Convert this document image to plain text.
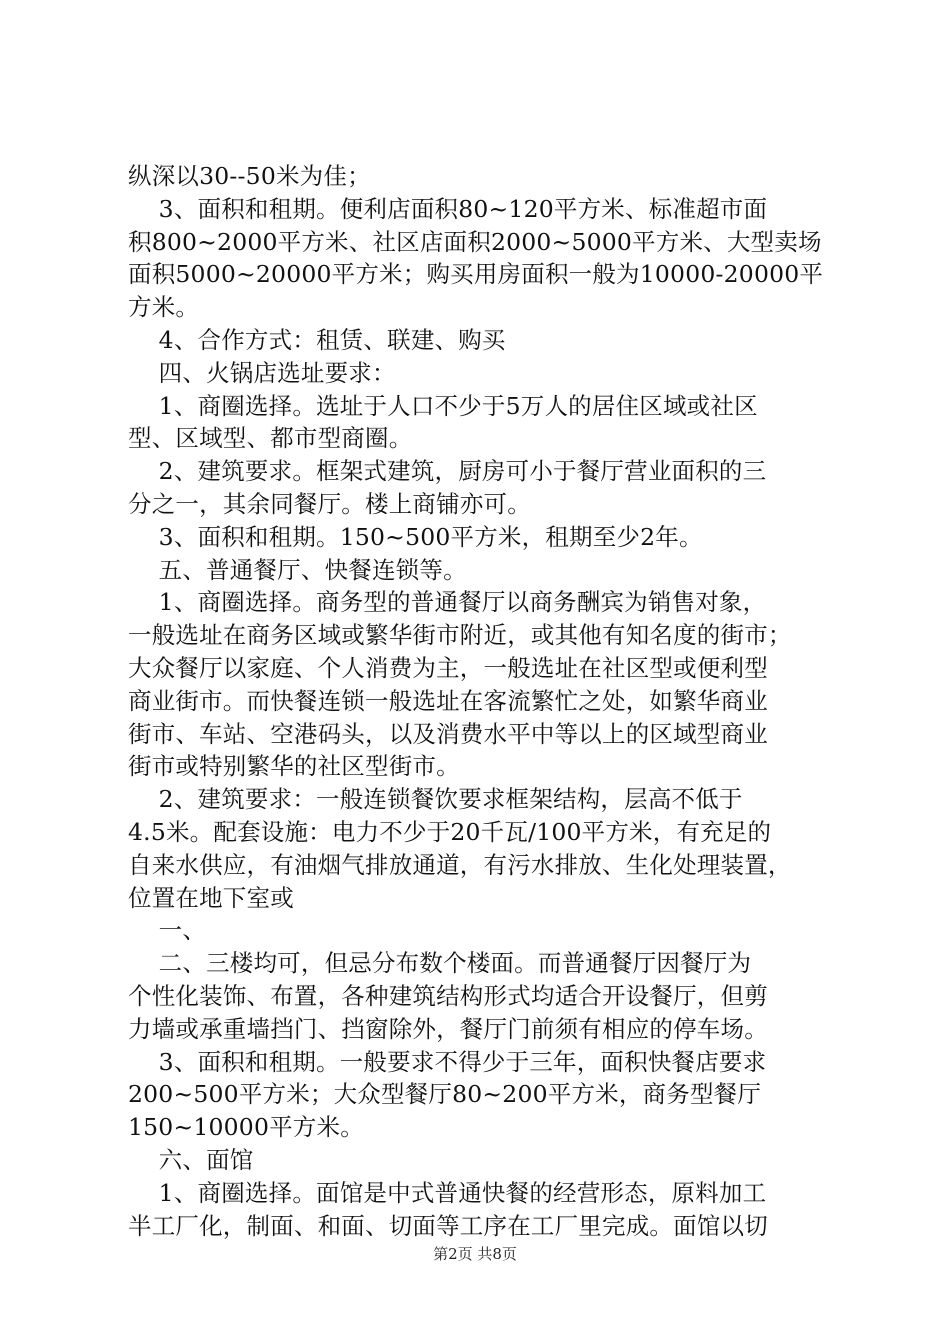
纵深以30--50米为佳；
3、面积和租期。便利店面积80~120平方米、标准超市面
积800~2000平方米、社区店面积2000~5000平方米、大型卖场
面积5000~20000平方米；购买用房面积一般为10000-20000平
方米。
4、合作方式：租赁、联建、购买
四、火锅店选址要求：
1、商圈选择。选址于人口不少于5万人的居住区域或社区
型、区域型、都市型商圈。
2、建筑要求。框架式建筑，厨房可小于餐厅营业面积的三
分之一，其余同餐厅。楼上商铺亦可。
3、面积和租期。150~500平方米，租期至少2年。
五、普通餐厅、快餐连锁等。
1、商圈选择。商务型的普通餐厅以商务酬宾为销售对象，
一般选址在商务区域或繁华街市附近，或其他有知名度的街市；
大众餐厅以家庭、个人消费为主，一般选址在社区型或便利型
商业街市。而快餐连锁一般选址在客流繁忙之处，如繁华商业
街市、车站、空港码头，以及消费水平中等以上的区域型商业
街市或特别繁华的社区型街市。
2、建筑要求：一般连锁餐饮要求框架结构，层高不低于
4.5米。配套设施：电力不少于20千瓦/100平方米，有充足的
自来水供应，有油烟气排放通道，有污水排放、生化处理装置，
位置在地下室或
一、
二、三楼均可，但忌分布数个楼面。而普通餐厅因餐厅为
个性化装饰、布置，各种建筑结构形式均适合开设餐厅，但剪
力墙或承重墙挡门、挡窗除外，餐厅门前须有相应的停车场。
3、面积和租期。一般要求不得少于三年，面积快餐店要求
200~500平方米；大众型餐厅80~200平方米，商务型餐厅
150~10000平方米。
六、面馆
1、商圈选择。面馆是中式普通快餐的经营形态，原料加工
半工厂化，制面、和面、切面等工序在工厂里完成。面馆以切
第2页 共8页
